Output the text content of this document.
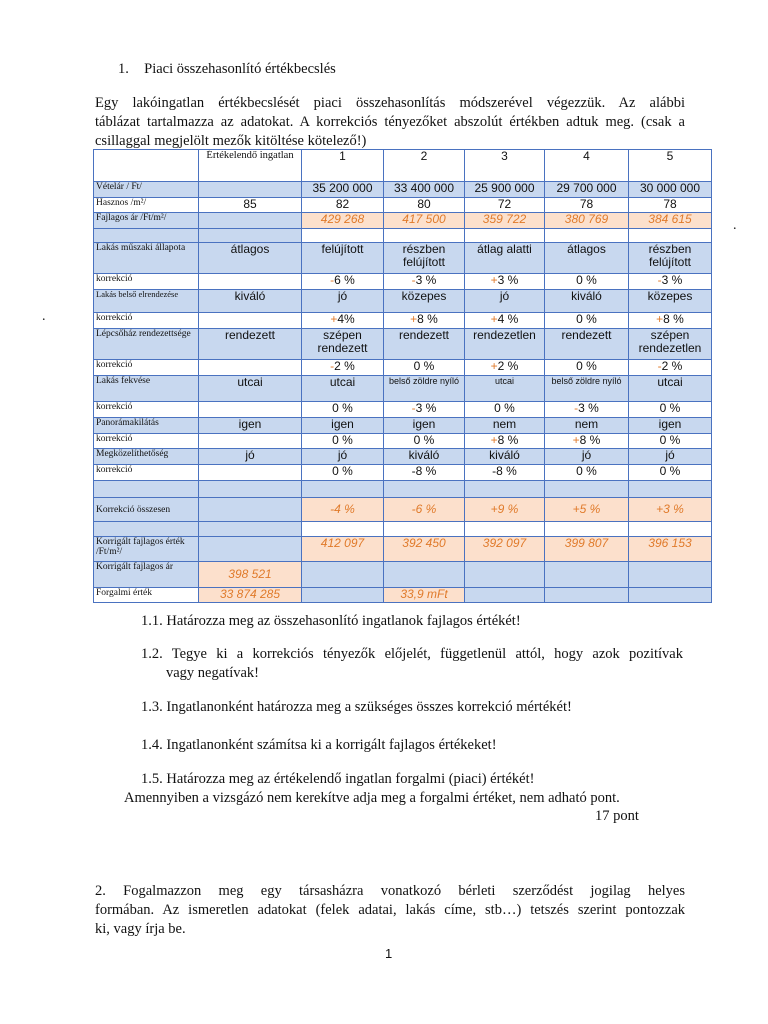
1. Piaci összehasonlító értékbecslés
Egy lakóingatlan értékbecslését piaci összehasonlítás módszerével végezzük. Az alábbi
táblázat tartalmazza az adatokat. A korrekciós tényezőket abszolút értékben adtuk meg. (csak a
csillaggal megjelölt mezők kitöltése kötelező!)
.
.
	Értékelendő ingatlan	1	2	3	4	5
Vételár / Ft/		35 200 000	33 400 000	25 900 000	29 700 000	30 000 000
Hasznos /m²/	85	82	80	72	78	78
Fajlagos ár /Ft/m²/		429 268	417 500	359 722	380 769	384 615

Lakás műszaki állapota	átlagos	felújított	részben felújított	átlag alatti	átlagos	részben felújított
korrekció		-6 %	-3 %	+3 %	0 %	-3 %
Lakás belső elrendezése	kiváló	jó	közepes	jó	kiváló	közepes
korrekció		+4%	+8 %	+4 %	0 %	+8 %
Lépcsőház rendezettsége	rendezett	szépen rendezett	rendezett	rendezetlen	rendezett	szépen rendezetlen
korrekció		-2 %	0 %	+2 %	0 %	-2 %
Lakás fekvése	utcai	utcai	belső zöldre nyíló	utcai	belső zöldre nyíló	utcai
korrekció		0 %	-3 %	0 %	-3 %	0 %
Panorámakilátás	igen	igen	igen	nem	nem	igen
korrekció		0 %	0 %	+8 %	+8 %	0 %
Megközelíthetőség	jó	jó	kiváló	kiváló	jó	jó
korrekció		0 %	-8 %	-8 %	0 %	0 %

Korrekció összesen		-4 %	-6 %	+9 %	+5 %	+3 %

Korrigált fajlagos érték /Ft/m²/		412 097	392 450	392 097	399 807	396 153
Korrigált fajlagos ár	398 521					
Forgalmi érték	33 874 285		33,9 mFt			
1.1. Határozza meg az összehasonlító ingatlanok fajlagos értékét!
1.2. Tegye ki a korrekciós tényezők előjelét, függetlenül attól, hogy azok pozitívak
vagy negatívak!
1.3. Ingatlanonként határozza meg a szükséges összes korrekció mértékét!
1.4. Ingatlanonként számítsa ki a korrigált fajlagos értékeket!
1.5. Határozza meg az értékelendő ingatlan forgalmi (piaci) értékét!
Amennyiben a vizsgázó nem kerekítve adja meg a forgalmi értéket, nem adható pont.
17 pont
2. Fogalmazzon meg egy társasházra vonatkozó bérleti szerződést jogilag helyes
formában. Az ismeretlen adatokat (felek adatai, lakás címe, stb…) tetszés szerint pontozzak
ki, vagy írja be.
1
